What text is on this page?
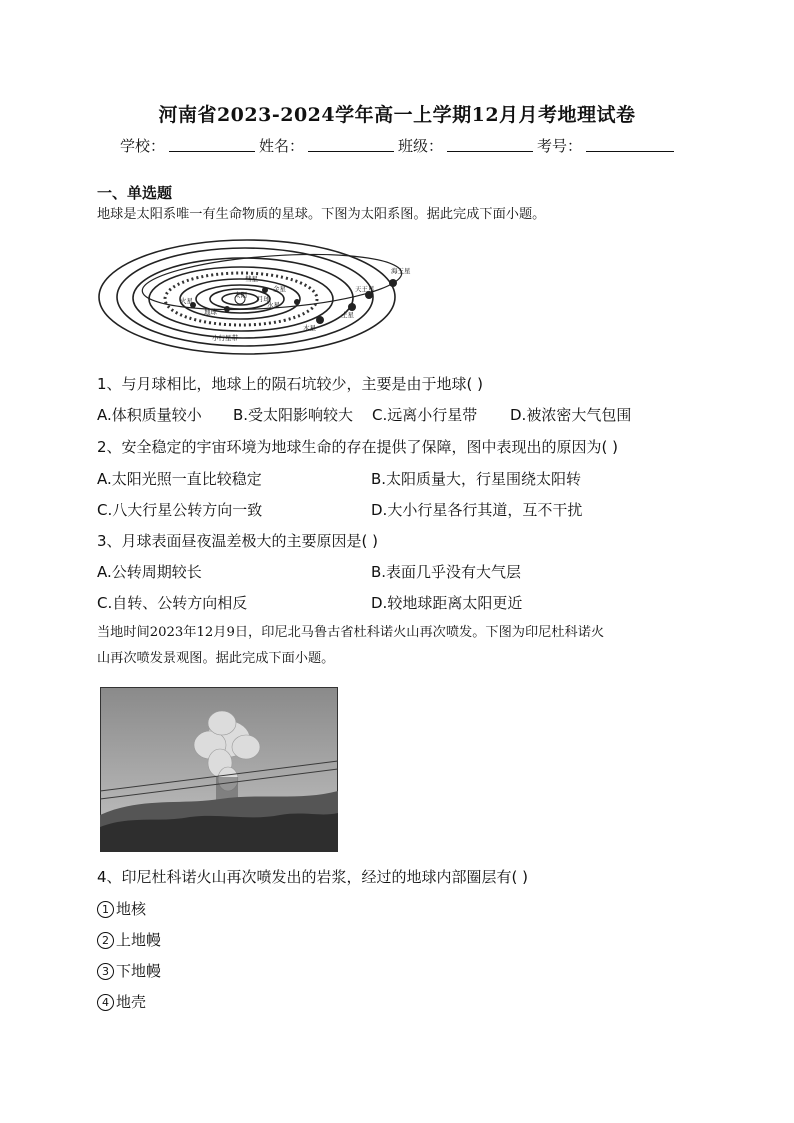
河南省2023-2024学年高一上学期12月月考地理试卷
学校：	姓名：	班级：	考号：
一、单选题
地球是太阳系唯一有生命物质的星球。下图为太阳系图。据此完成下面小题。
太阳
水星
金星
地球
火星
木星
土星
天王星
海王星
小行星带
彗星
月球
1、与月球相比，地球上的陨石坑较少，主要是由于地球( )
A.体积质量较小 B.受太阳影响较大 C.远离小行星带 D.被浓密大气包围
2、安全稳定的宇宙环境为地球生命的存在提供了保障，图中表现出的原因为( )
A.太阳光照一直比较稳定	B.太阳质量大，行星围绕太阳转
C.八大行星公转方向一致	D.大小行星各行其道，互不干扰
3、月球表面昼夜温差极大的主要原因是( )
A.公转周期较长	B.表面几乎没有大气层
C.自转、公转方向相反	D.较地球距离太阳更近
当地时间2023年12月9日，印尼北马鲁古省杜科诺火山再次喷发。下图为印尼杜科诺火
山再次喷发景观图。据此完成下面小题。
4、印尼杜科诺火山再次喷发出的岩浆，经过的地球内部圈层有( )
1 地核
2 上地幔
3 下地幔
4 地壳
